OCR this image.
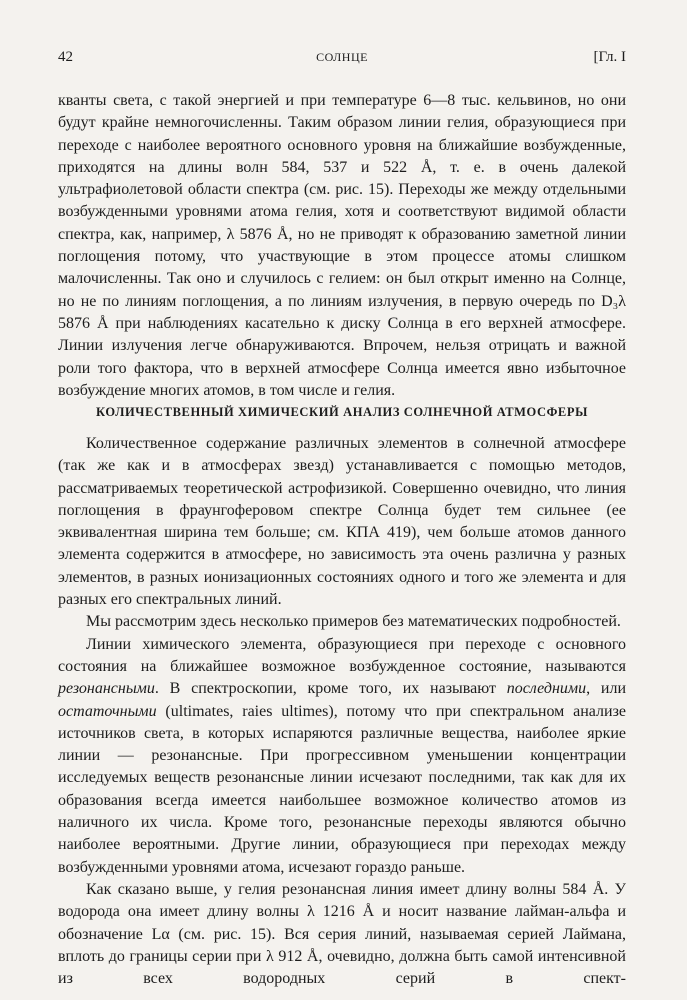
42	СОЛНЦЕ	[Гл. I

кванты света, с такой энергией и при температуре 6—8 тыс. кельвинов, но они будут крайне немногочисленны. Таким образом линии гелия, образующиеся при переходе с наиболее вероятного основного уровня на ближайшие возбужденные, приходятся на длины волн 584, 537 и 522 Å, т. е. в очень далекой ультрафиолетовой области спектра (см. рис. 15). Переходы же между отдельными возбужденными уровнями атома гелия, хотя и соответствуют видимой области спектра, как, например, λ 5876 Å, но не приводят к образованию заметной линии поглощения потому, что участвующие в этом процессе атомы слишком малочисленны. Так оно и случилось с гелием: он был открыт именно на Солнце, но не по линиям поглощения, а по линиям излучения, в первую очередь по D₃λ 5876 Å при наблюдениях касательно к диску Солнца в его верхней атмосфере. Линии излучения легче обнаруживаются. Впрочем, нельзя отрицать и важной роли того фактора, что в верхней атмосфере Солнца имеется явно избыточное возбуждение многих атомов, в том числе и гелия.

КОЛИЧЕСТВЕННЫЙ ХИМИЧЕСКИЙ АНАЛИЗ СОЛНЕЧНОЙ АТМОСФЕРЫ

Количественное содержание различных элементов в солнечной атмосфере (так же как и в атмосферах звезд) устанавливается с помощью методов, рассматриваемых теоретической астрофизикой. Совершенно очевидно, что линия поглощения в фраунгоферовом спектре Солнца будет тем сильнее (ее эквивалентная ширина тем больше; см. КПА 419), чем больше атомов данного элемента содержится в атмосфере, но зависимость эта очень различна у разных элементов, в разных ионизационных состояниях одного и того же элемента и для разных его спектральных линий.

Мы рассмотрим здесь несколько примеров без математических подробностей.

Линии химического элемента, образующиеся при переходе с основного состояния на ближайшее возможное возбужденное состояние, называются резонансными. В спектроскопии, кроме того, их называют последними, или остаточными (ultimates, raies ultimes), потому что при спектральном анализе источников света, в которых испаряются различные вещества, наиболее яркие линии — резонансные. При прогрессивном уменьшении концентрации исследуемых веществ резонансные линии исчезают последними, так как для их образования всегда имеется наибольшее возможное количество атомов из наличного их числа. Кроме того, резонансные переходы являются обычно наиболее вероятными. Другие линии, образующиеся при переходах между возбужденными уровнями атома, исчезают гораздо раньше.

Как сказано выше, у гелия резонансная линия имеет длину волны 584 Å. У водорода она имеет длину волны λ 1216 Å и носит название лайман-альфа и обозначение Lα (см. рис. 15). Вся серия линий, называемая серией Лаймана, вплоть до границы серии при λ 912 Å, очевидно, должна быть самой интенсивной из всех водородных серий в спект-
